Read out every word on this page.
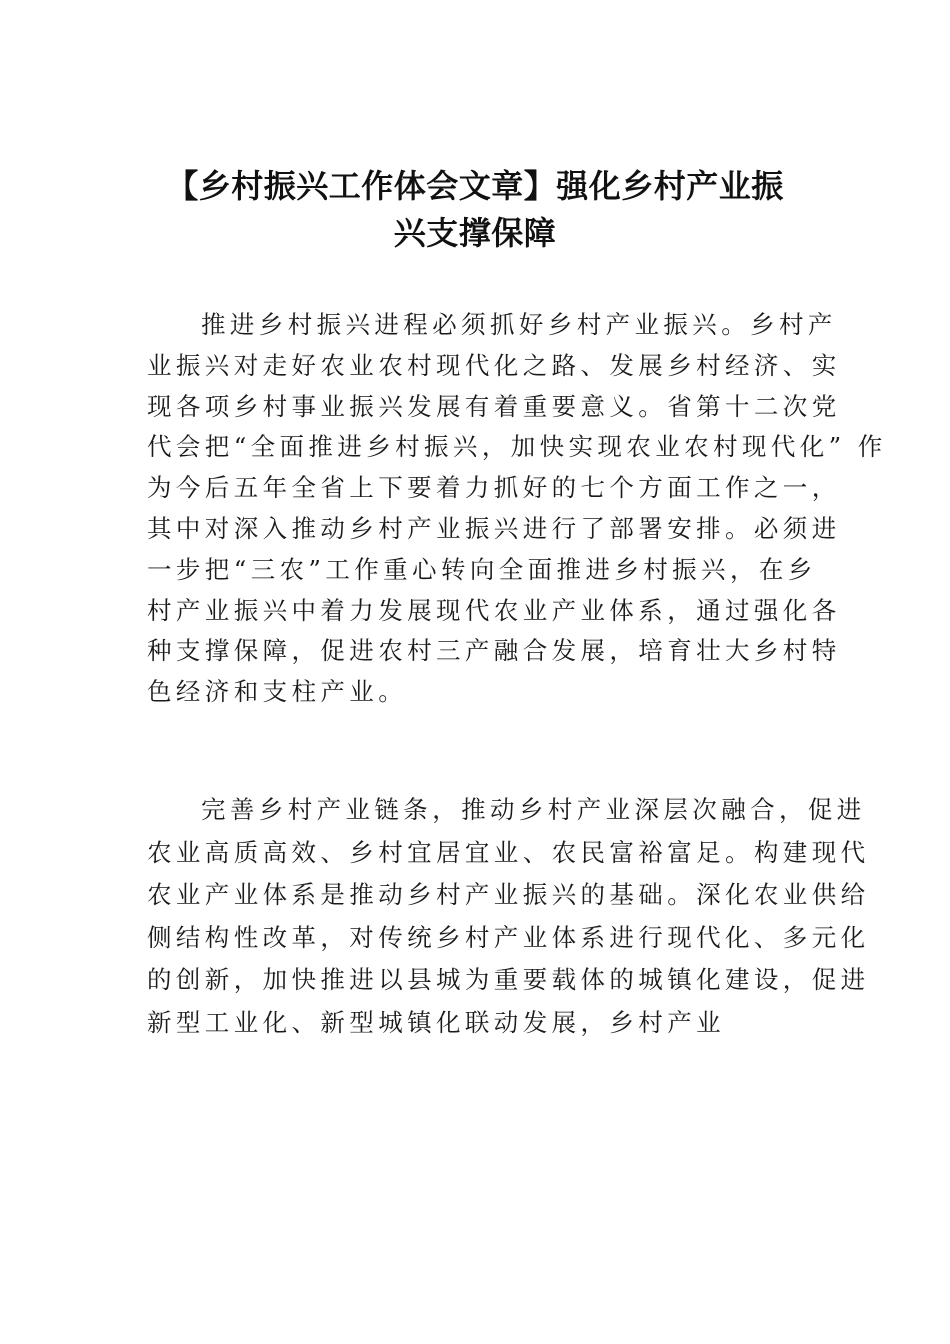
【乡村振兴工作体会文章】强化乡村产业振
兴支撑保障

推进乡村振兴进程必须抓好乡村产业振兴。乡村产
业振兴对走好农业农村现代化之路、发展乡村经济、实
现各项乡村事业振兴发展有着重要意义。省第十二次党
代会把“全面推进乡村振兴，加快实现农业农村现代化” 作
为今后五年全省上下要着力抓好的七个方面工作之一，
其中对深入推动乡村产业振兴进行了部署安排。必须进
一步把“三农”工作重心转向全面推进乡村振兴，在乡
村产业振兴中着力发展现代农业产业体系，通过强化各
种支撑保障，促进农村三产融合发展，培育壮大乡村特
色经济和支柱产业。

完善乡村产业链条，推动乡村产业深层次融合，促进
农业高质高效、乡村宜居宜业、农民富裕富足。构建现代
农业产业体系是推动乡村产业振兴的基础。深化农业供给
侧结构性改革，对传统乡村产业体系进行现代化、多元化
的创新，加快推进以县城为重要载体的城镇化建设，促进
新型工业化、新型城镇化联动发展，乡村产业
